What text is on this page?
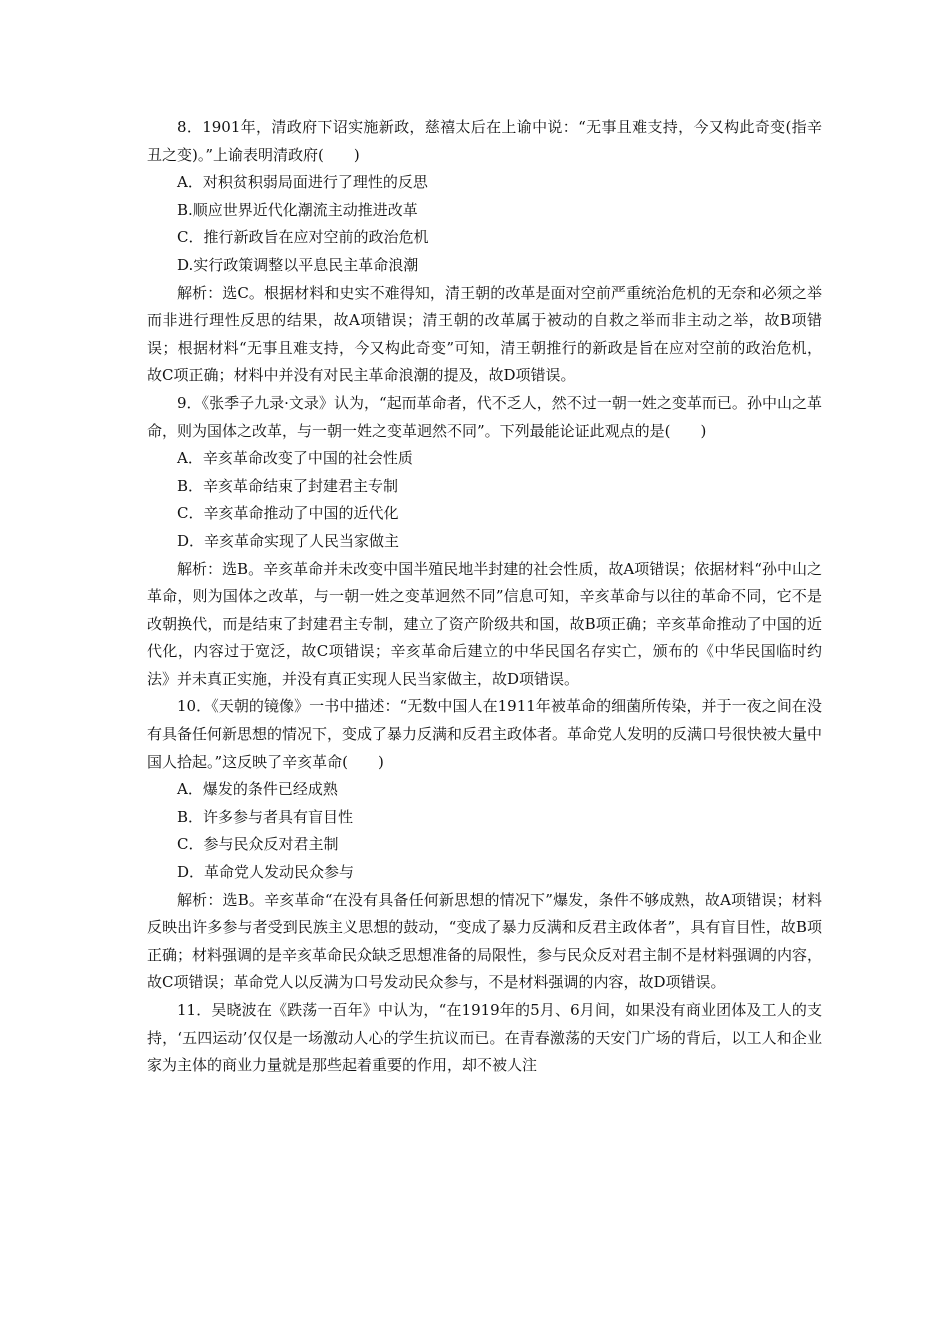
8．1901年，清政府下诏实施新政，慈禧太后在上谕中说：“无事且难支持，今又构此奇变(指辛丑之变)。”上谕表明清政府(　　)

A．对积贫积弱局面进行了理性的反思

B.顺应世界近代化潮流主动推进改革

C．推行新政旨在应对空前的政治危机

D.实行政策调整以平息民主革命浪潮

解析：选C。根据材料和史实不难得知，清王朝的改革是面对空前严重统治危机的无奈和必须之举而非进行理性反思的结果，故A项错误；清王朝的改革属于被动的自救之举而非主动之举，故B项错误；根据材料“无事且难支持，今又构此奇变”可知，清王朝推行的新政是旨在应对空前的政治危机，故C项正确；材料中并没有对民主革命浪潮的提及，故D项错误。

9．《张季子九录·文录》认为，“起而革命者，代不乏人，然不过一朝一姓之变革而已。孙中山之革命，则为国体之改革，与一朝一姓之变革迥然不同”。下列最能论证此观点的是(　　)

A．辛亥革命改变了中国的社会性质

B．辛亥革命结束了封建君主专制

C．辛亥革命推动了中国的近代化

D．辛亥革命实现了人民当家做主

解析：选B。辛亥革命并未改变中国半殖民地半封建的社会性质，故A项错误；依据材料“孙中山之革命，则为国体之改革，与一朝一姓之变革迥然不同”信息可知，辛亥革命与以往的革命不同，它不是改朝换代，而是结束了封建君主专制，建立了资产阶级共和国，故B项正确；辛亥革命推动了中国的近代化，内容过于宽泛，故C项错误；辛亥革命后建立的中华民国名存实亡，颁布的《中华民国临时约法》并未真正实施，并没有真正实现人民当家做主，故D项错误。

10．《天朝的镜像》一书中描述：“无数中国人在1911年被革命的细菌所传染，并于一夜之间在没有具备任何新思想的情况下，变成了暴力反满和反君主政体者。革命党人发明的反满口号很快被大量中国人拾起。”这反映了辛亥革命(　　)

A．爆发的条件已经成熟

B．许多参与者具有盲目性

C．参与民众反对君主制

D．革命党人发动民众参与

解析：选B。辛亥革命“在没有具备任何新思想的情况下”爆发，条件不够成熟，故A项错误；材料反映出许多参与者受到民族主义思想的鼓动，“变成了暴力反满和反君主政体者”，具有盲目性，故B项正确；材料强调的是辛亥革命民众缺乏思想准备的局限性，参与民众反对君主制不是材料强调的内容，故C项错误；革命党人以反满为口号发动民众参与，不是材料强调的内容，故D项错误。

11．吴晓波在《跌荡一百年》中认为，“在1919年的5月、6月间，如果没有商业团体及工人的支持，‘五四运动’仅仅是一场激动人心的学生抗议而已。在青春激荡的天安门广场的背后，以工人和企业家为主体的商业力量就是那些起着重要的作用，却不被人注
